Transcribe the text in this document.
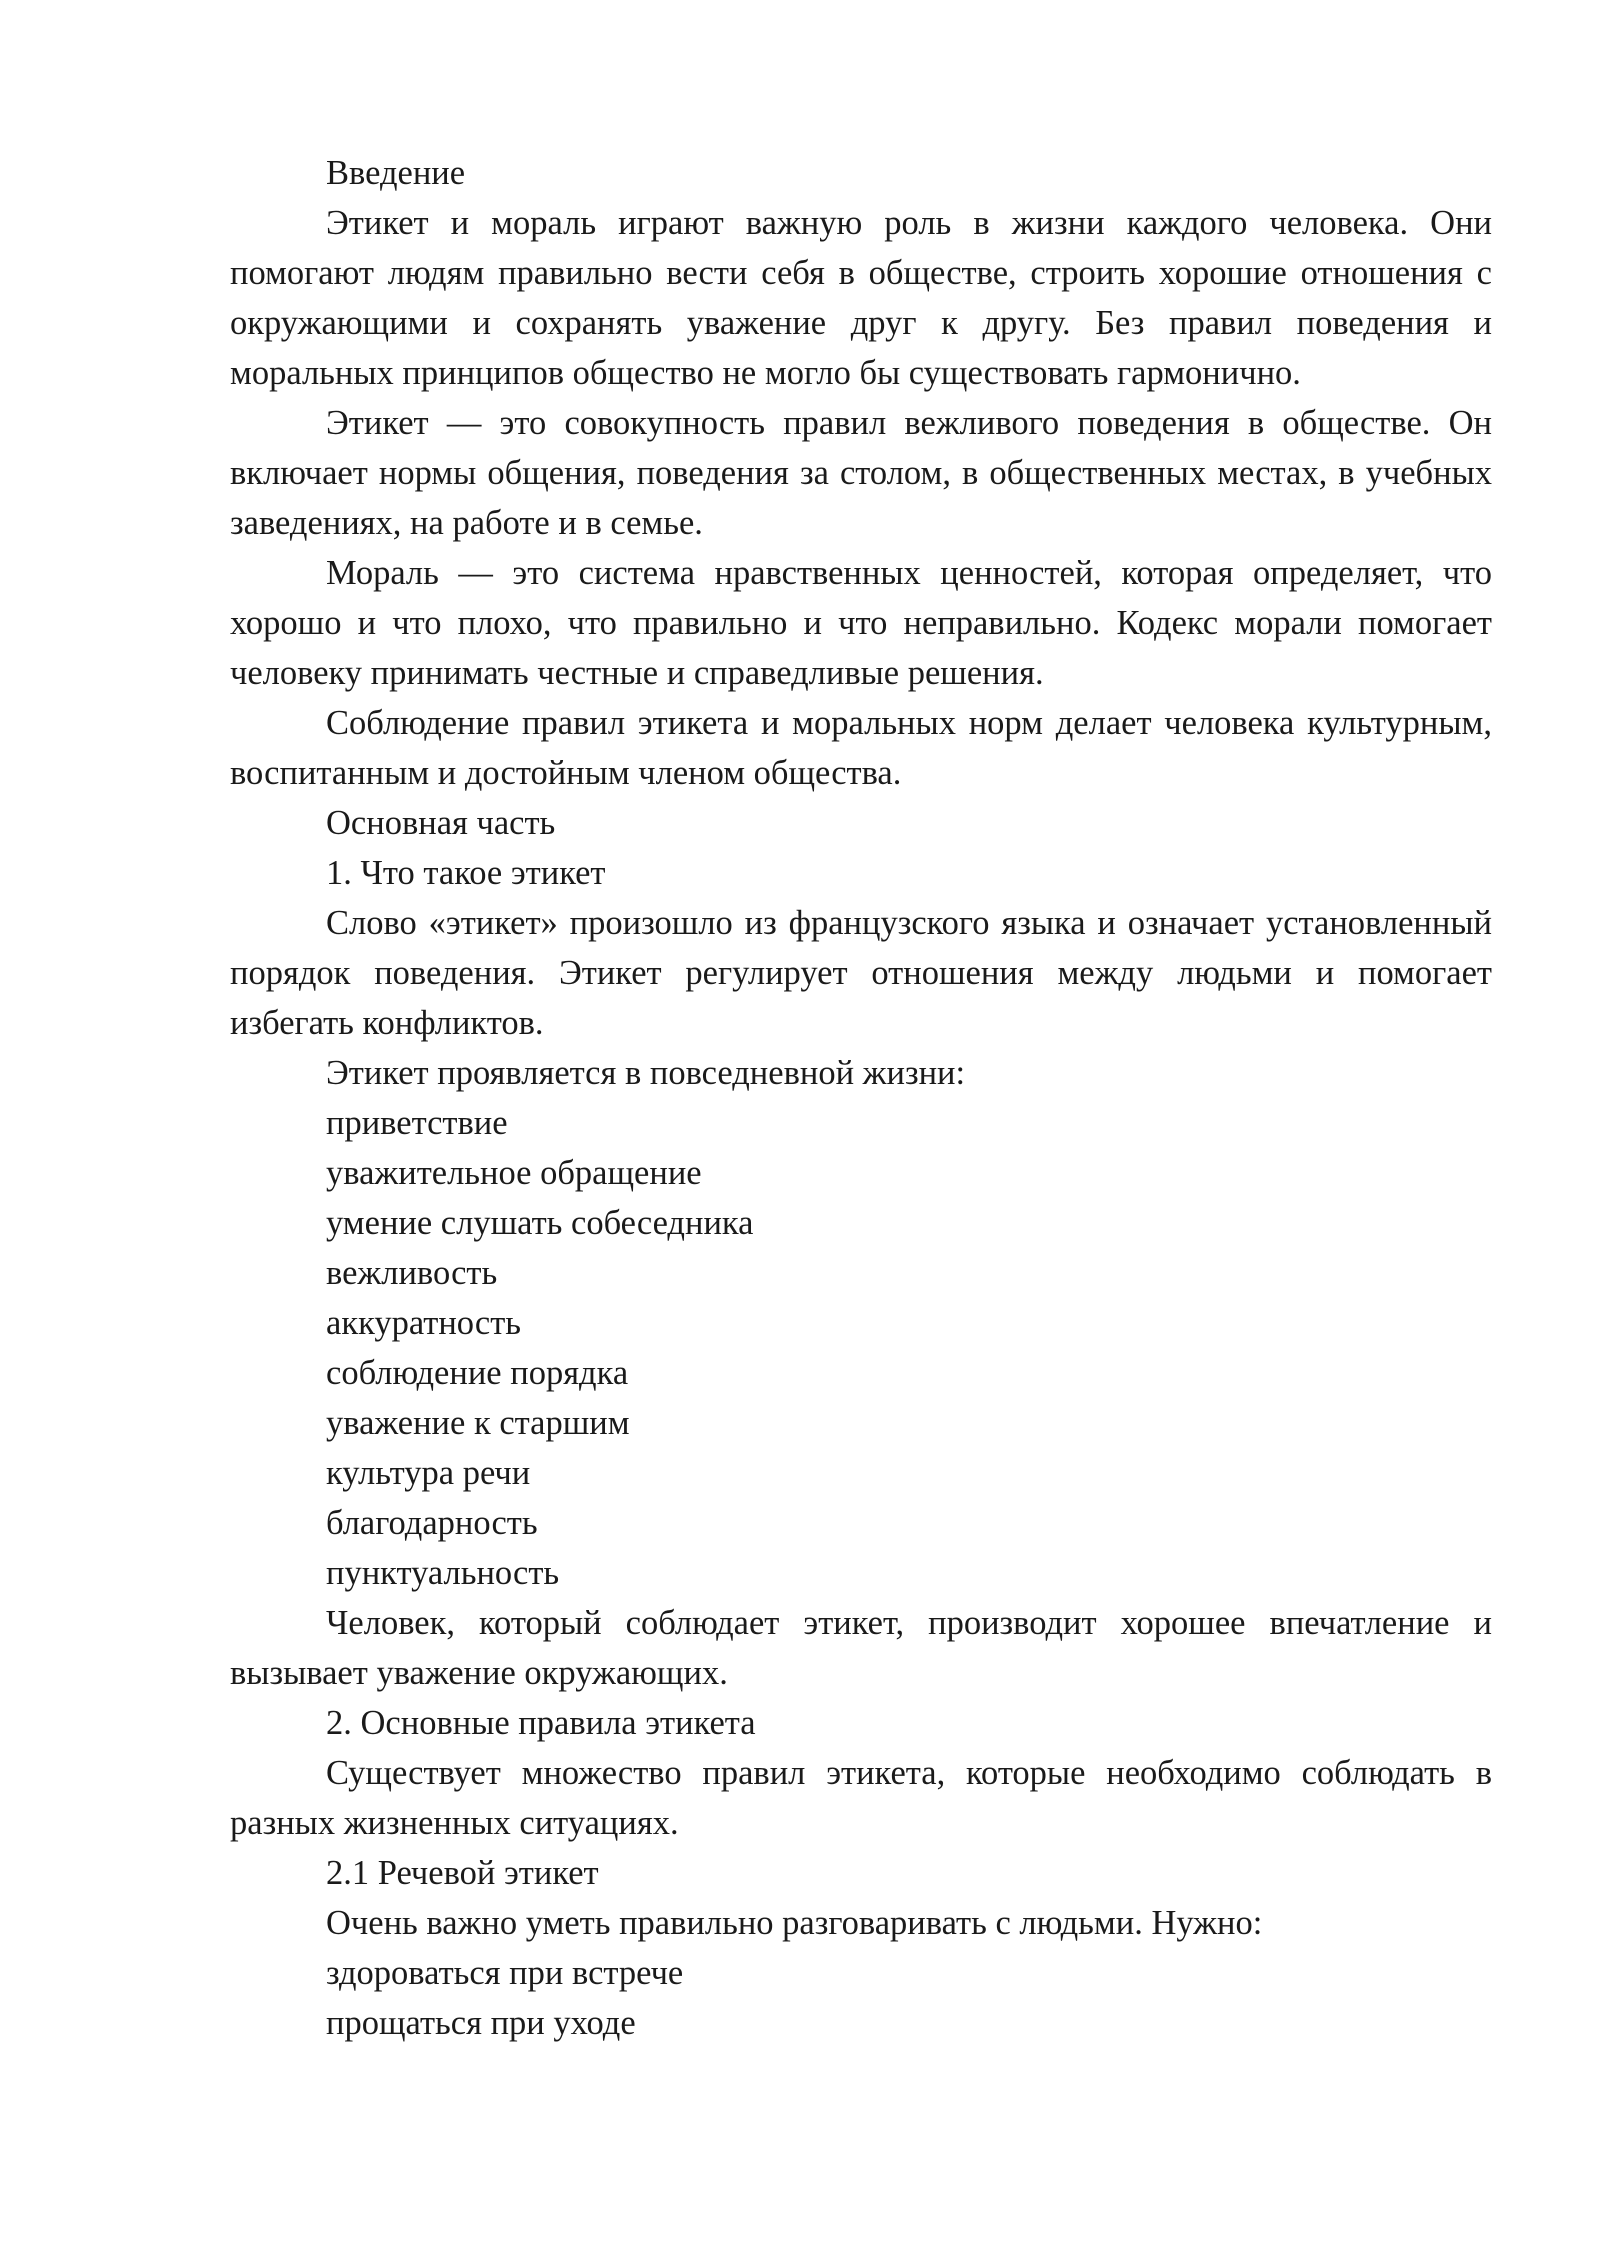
Введение

Этикет и мораль играют важную роль в жизни каждого человека. Они помогают людям правильно вести себя в обществе, строить хорошие отношения с окружающими и сохранять уважение друг к другу. Без правил поведения и моральных принципов общество не могло бы существовать гармонично.

Этикет — это совокупность правил вежливого поведения в обществе. Он включает нормы общения, поведения за столом, в общественных местах, в учебных заведениях, на работе и в семье.

Мораль — это система нравственных ценностей, которая определяет, что хорошо и что плохо, что правильно и что неправильно. Кодекс морали помогает человеку принимать честные и справедливые решения.

Соблюдение правил этикета и моральных норм делает человека культурным, воспитанным и достойным членом общества.

Основная часть

1. Что такое этикет

Слово «этикет» произошло из французского языка и означает установленный порядок поведения. Этикет регулирует отношения между людьми и помогает избегать конфликтов.

Этикет проявляется в повседневной жизни:

приветствие

уважительное обращение

умение слушать собеседника

вежливость

аккуратность

соблюдение порядка

уважение к старшим

культура речи

благодарность

пунктуальность

Человек, который соблюдает этикет, производит хорошее впечатление и вызывает уважение окружающих.

2. Основные правила этикета

Существует множество правил этикета, которые необходимо соблюдать в разных жизненных ситуациях.

2.1 Речевой этикет

Очень важно уметь правильно разговаривать с людьми. Нужно:

здороваться при встрече

прощаться при уходе
